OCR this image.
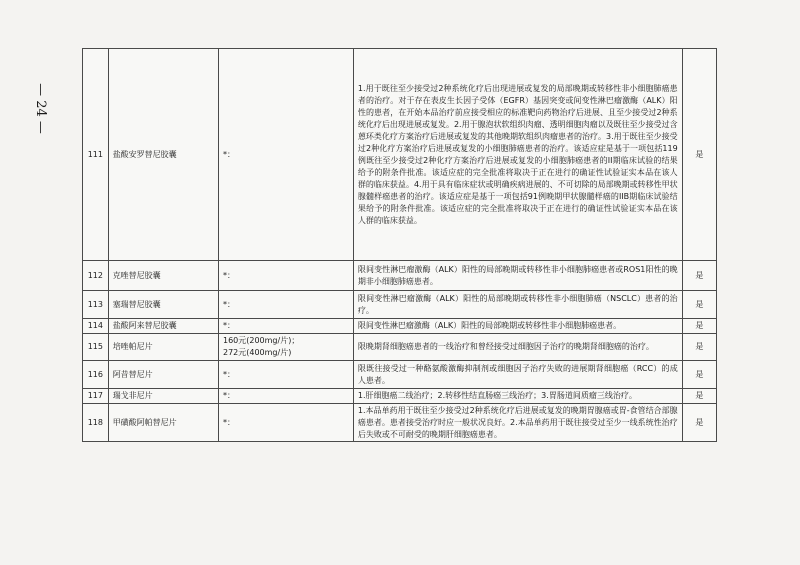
— 24 —
111	盐酸安罗替尼胶囊	*：	1.用于既往至少接受过2种系统化疗后出现进展或复发的局部晚期或转移性非小细胞肺癌患者的治疗。对于存在表皮生长因子受体（EGFR）基因突变或间变性淋巴瘤激酶（ALK）阳性的患者，在开始本品治疗前应接受相应的标准靶向药物治疗后进展、且至少接受过2种系统化疗后出现进展或复发。2.用于腺泡状软组织肉瘤、透明细胞肉瘤以及既往至少接受过含蒽环类化疗方案治疗后进展或复发的其他晚期软组织肉瘤患者的治疗。3.用于既往至少接受过2种化疗方案治疗后进展或复发的小细胞肺癌患者的治疗。该适应症是基于一项包括119例既往至少接受过2种化疗方案治疗后进展或复发的小细胞肺癌患者的II期临床试验的结果给予的附条件批准。该适应症的完全批准将取决于正在进行的确证性试验证实本品在该人群的临床获益。4.用于具有临床症状或明确疾病进展的、不可切除的局部晚期或转移性甲状腺髓样癌患者的治疗。该适应症是基于一项包括91例晚期甲状腺髓样癌的IIB期临床试验结果给予的附条件批准。该适应症的完全批准将取决于正在进行的确证性试验证实本品在该人群的临床获益。	是
112	克唑替尼胶囊	*：	限间变性淋巴瘤激酶（ALK）阳性的局部晚期或转移性非小细胞肺癌患者或ROS1阳性的晚期非小细胞肺癌患者。	是
113	塞瑞替尼胶囊	*：	限间变性淋巴瘤激酶（ALK）阳性的局部晚期或转移性非小细胞肺癌（NSCLC）患者的治疗。	是
114	盐酸阿来替尼胶囊	*：	限间变性淋巴瘤激酶（ALK）阳性的局部晚期或转移性非小细胞肺癌患者。	是
115	培唑帕尼片	160元(200mg/片)；
272元(400mg/片)	限晚期肾细胞癌患者的一线治疗和曾经接受过细胞因子治疗的晚期肾细胞癌的治疗。	是
116	阿昔替尼片	*：	限既往接受过一种酪氨酸激酶抑制剂或细胞因子治疗失败的进展期肾细胞癌（RCC）的成人患者。	是
117	瑞戈非尼片	*：	1.肝细胞癌二线治疗；2.转移性结直肠癌三线治疗；3.胃肠道间质瘤三线治疗。	是
118	甲磺酸阿帕替尼片	*：	1.本品单药用于既往至少接受过2种系统化疗后进展或复发的晚期胃腺癌或胃-食管结合部腺癌患者。患者接受治疗时应一般状况良好。2.本品单药用于既往接受过至少一线系统性治疗后失败或不可耐受的晚期肝细胞癌患者。	是
